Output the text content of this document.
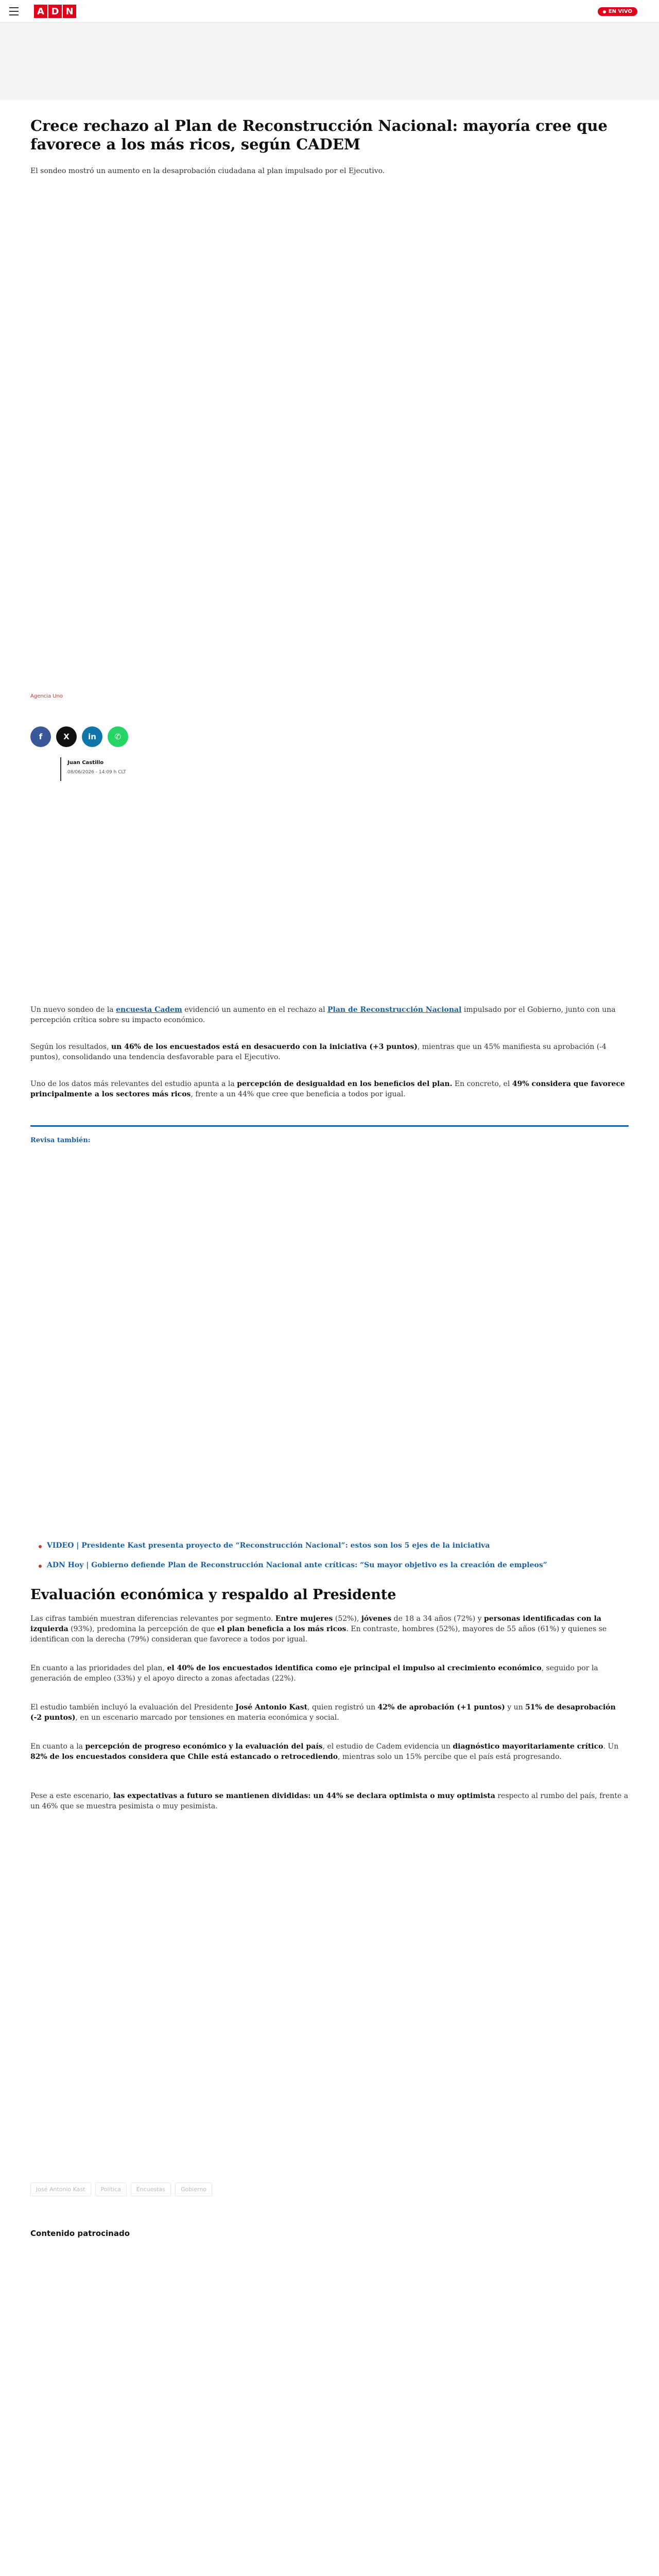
A D N	EN VIVO
Crece rechazo al Plan de Reconstrucción Nacional: mayoría cree que favorece a los más ricos, según CADEM

El sondeo mostró un aumento en la desaprobación ciudadana al plan impulsado por el Ejecutivo.

Agencia Uno
f	X	in	✆
Juan Castillo
08/06/2026 - 14:09 h CLT

Un nuevo sondeo de la encuesta Cadem evidenció un aumento en el rechazo al Plan de Reconstrucción Nacional impulsado por el Gobierno, junto con una percepción crítica sobre su impacto económico.

Según los resultados, un 46% de los encuestados está en desacuerdo con la iniciativa (+3 puntos), mientras que un 45% manifiesta su aprobación (-4 puntos), consolidando una tendencia desfavorable para el Ejecutivo.

Uno de los datos más relevantes del estudio apunta a la percepción de desigualdad en los beneficios del plan. En concreto, el 49% considera que favorece principalmente a los sectores más ricos, frente a un 44% que cree que beneficia a todos por igual.

Revisa también:
VIDEO | Presidente Kast presenta proyecto de “Reconstrucción Nacional”: estos son los 5 ejes de la iniciativa
ADN Hoy | Gobierno defiende Plan de Reconstrucción Nacional ante críticas: “Su mayor objetivo es la creación de empleos”
Evaluación económica y respaldo al Presidente

Las cifras también muestran diferencias relevantes por segmento. Entre mujeres (52%), jóvenes de 18 a 34 años (72%) y personas identificadas con la izquierda (93%), predomina la percepción de que el plan beneficia a los más ricos. En contraste, hombres (52%), mayores de 55 años (61%) y quienes se identifican con la derecha (79%) consideran que favorece a todos por igual.

En cuanto a las prioridades del plan, el 40% de los encuestados identifica como eje principal el impulso al crecimiento económico, seguido por la generación de empleo (33%) y el apoyo directo a zonas afectadas (22%).

El estudio también incluyó la evaluación del Presidente José Antonio Kast, quien registró un 42% de aprobación (+1 puntos) y un 51% de desaprobación (-2 puntos), en un escenario marcado por tensiones en materia económica y social.

En cuanto a la percepción de progreso económico y la evaluación del país, el estudio de Cadem evidencia un diagnóstico mayoritariamente crítico. Un 82% de los encuestados considera que Chile está estancado o retrocediendo, mientras solo un 15% percibe que el país está progresando.

Pese a este escenario, las expectativas a futuro se mantienen divididas: un 44% se declara optimista o muy optimista respecto al rumbo del país, frente a un 46% que se muestra pesimista o muy pesimista.

José Antonio Kast	Política	Encuestas	Gobierno
Contenido patrocinado
